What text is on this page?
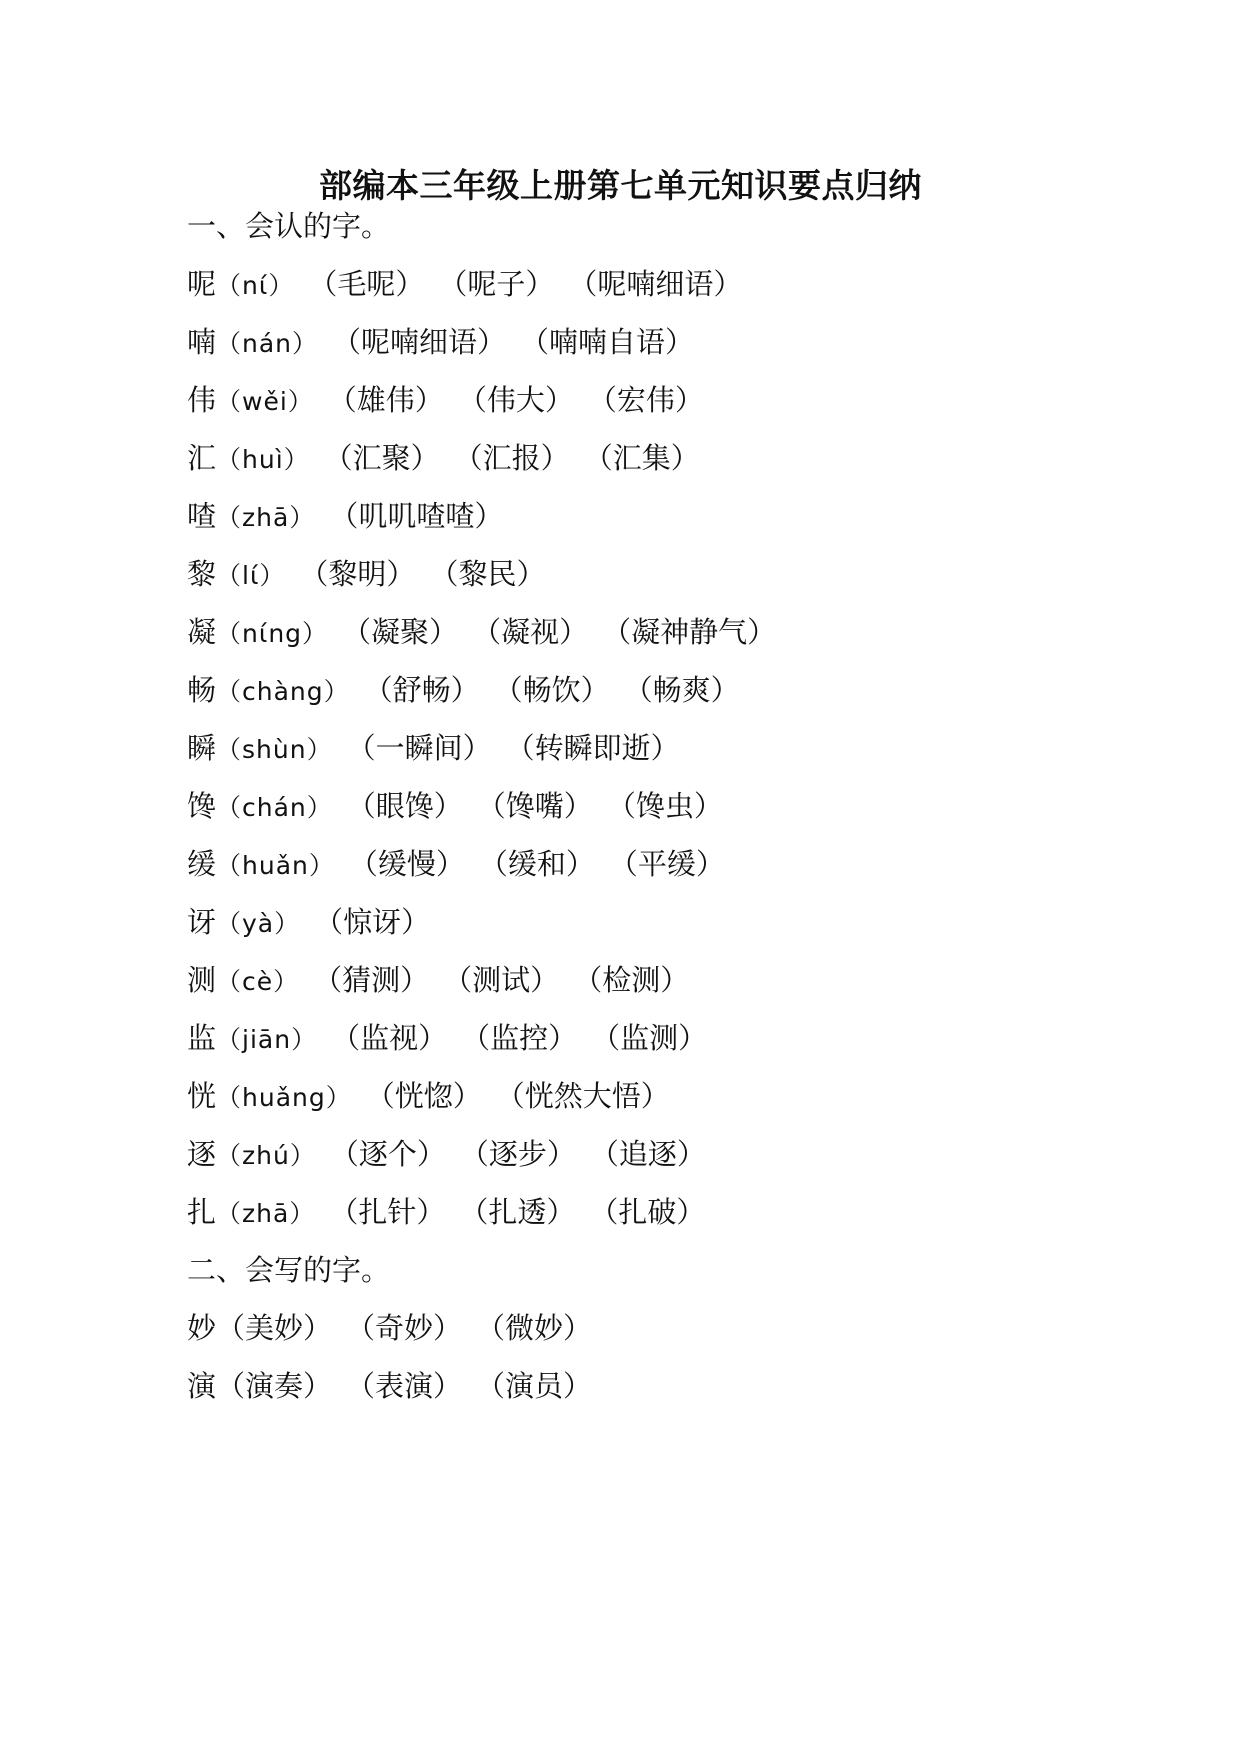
部编本三年级上册第七单元知识要点归纳
一、会认的字。
呢（nί） （毛呢） （呢子） （呢喃细语）
喃（nán） （呢喃细语） （喃喃自语）
伟（wěi） （雄伟） （伟大） （宏伟）
汇（huì） （汇聚） （汇报） （汇集）
喳（zhā） （叽叽喳喳）
黎（lί） （黎明） （黎民）
凝（nίng） （凝聚） （凝视） （凝神静气）
畅（chàng） （舒畅） （畅饮） （畅爽）
瞬（shùn） （一瞬间） （转瞬即逝）
馋（chán） （眼馋） （馋嘴） （馋虫）
缓（huǎn） （缓慢） （缓和） （平缓）
讶（yà） （惊讶）
测（cè） （猜测） （测试） （检测）
监（jiān） （监视） （监控） （监测）
恍（huǎng） （恍惚） （恍然大悟）
逐（zhú） （逐个） （逐步） （追逐）
扎（zhā） （扎针） （扎透） （扎破）
二、会写的字。
妙（美妙） （奇妙） （微妙）
演（演奏） （表演） （演员）
